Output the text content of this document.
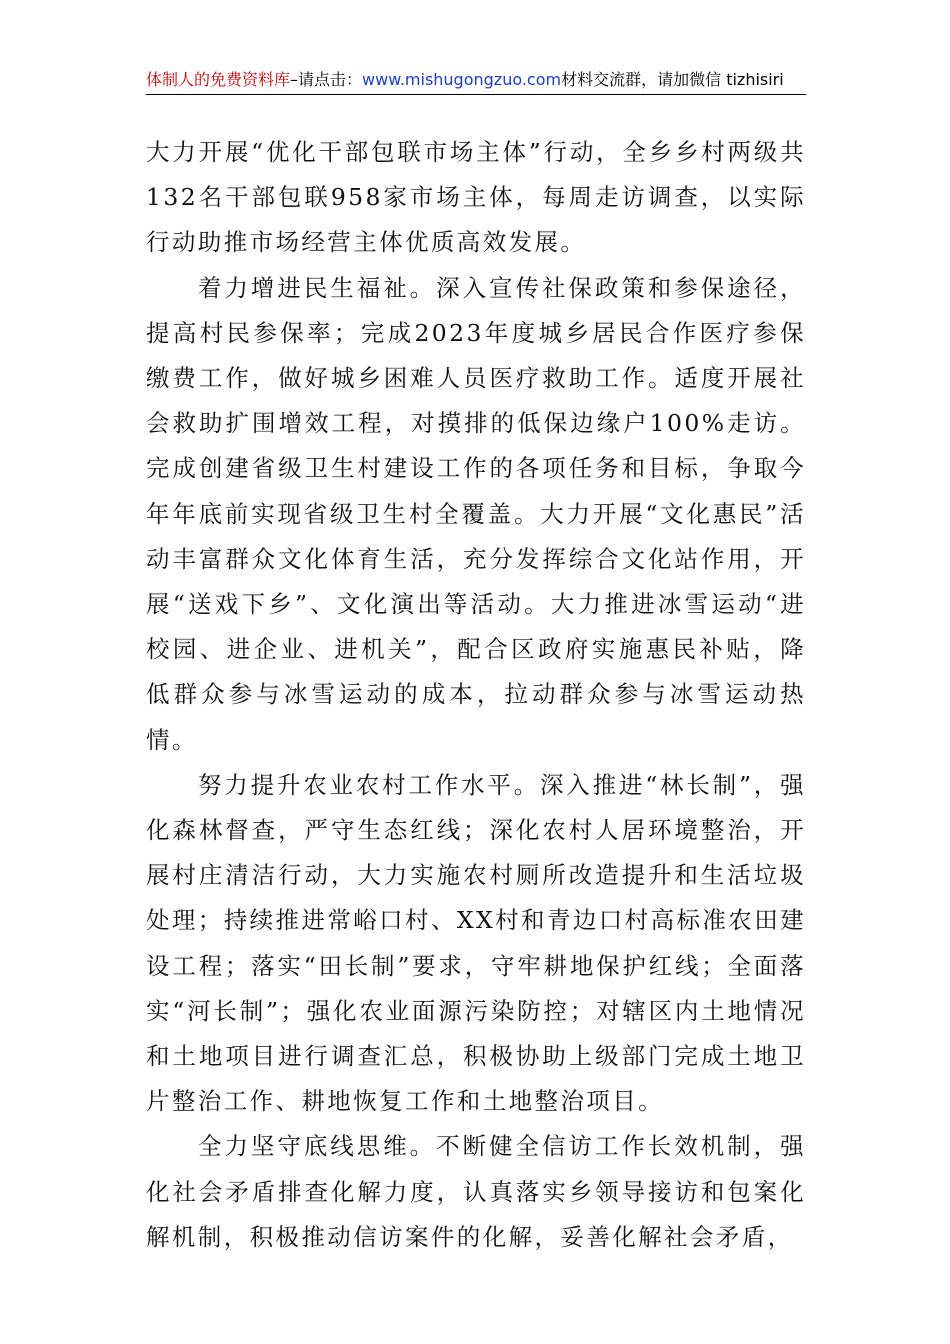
体制人的免费资料库–请点击：www.mishugongzuo.com材料交流群，请加微信 tizhisiri

大力开展“优化干部包联市场主体”行动，全乡乡村两级共132名干部包联958家市场主体，每周走访调查，以实际行动助推市场经营主体优质高效发展。

着力增进民生福祉。深入宣传社保政策和参保途径，提高村民参保率；完成2023年度城乡居民合作医疗参保缴费工作，做好城乡困难人员医疗救助工作。适度开展社会救助扩围增效工程，对摸排的低保边缘户100%走访。完成创建省级卫生村建设工作的各项任务和目标，争取今年年底前实现省级卫生村全覆盖。大力开展“文化惠民”活动丰富群众文化体育生活，充分发挥综合文化站作用，开展“送戏下乡”、文化演出等活动。大力推进冰雪运动“进校园、进企业、进机关”，配合区政府实施惠民补贴，降低群众参与冰雪运动的成本，拉动群众参与冰雪运动热情。

努力提升农业农村工作水平。深入推进“林长制”，强化森林督查，严守生态红线；深化农村人居环境整治，开展村庄清洁行动，大力实施农村厕所改造提升和生活垃圾处理；持续推进常峪口村、XX村和青边口村高标准农田建设工程；落实“田长制”要求，守牢耕地保护红线；全面落实“河长制”；强化农业面源污染防控；对辖区内土地情况和土地项目进行调查汇总，积极协助上级部门完成土地卫片整治工作、耕地恢复工作和土地整治项目。

全力坚守底线思维。不断健全信访工作长效机制，强化社会矛盾排查化解力度，认真落实乡领导接访和包案化解机制，积极推动信访案件的化解，妥善化解社会矛盾，
